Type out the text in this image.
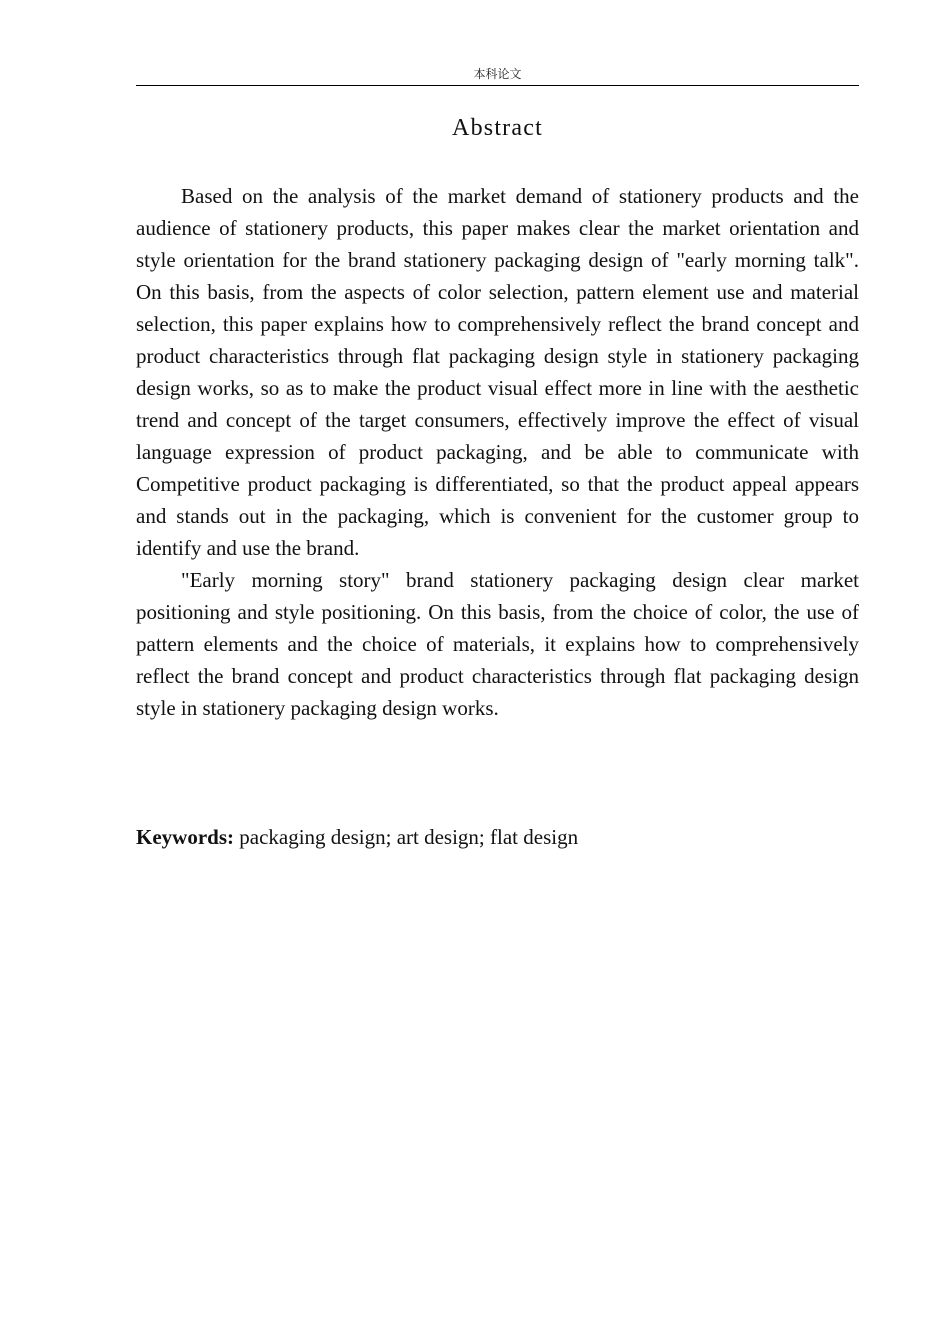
本科论文
Abstract

Based on the analysis of the market demand of stationery products and the audience of stationery products, this paper makes clear the market orientation and style orientation for the brand stationery packaging design of "early morning talk". On this basis, from the aspects of color selection, pattern element use and material selection, this paper explains how to comprehensively reflect the brand concept and product characteristics through flat packaging design style in stationery packaging design works, so as to make the product visual effect more in line with the aesthetic trend and concept of the target consumers, effectively improve the effect of visual language expression of product packaging, and be able to communicate with Competitive product packaging is differentiated, so that the product appeal appears and stands out in the packaging, which is convenient for the customer group to identify and use the brand.

"Early morning story" brand stationery packaging design clear market positioning and style positioning. On this basis, from the choice of color, the use of pattern elements and the choice of materials, it explains how to comprehensively reflect the brand concept and product characteristics through flat packaging design style in stationery packaging design works.

Keywords: packaging design; art design; flat design
